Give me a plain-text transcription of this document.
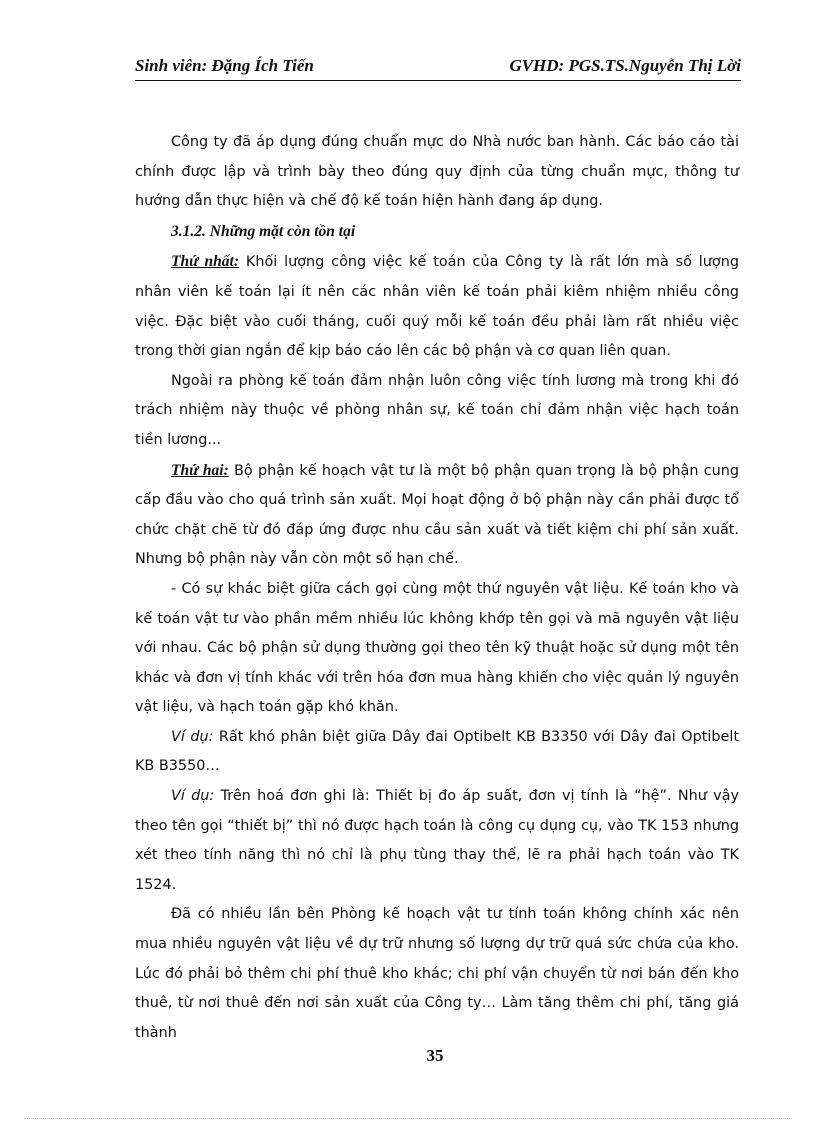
Sinh viên: Đặng Ích Tiến	GVHD: PGS.TS.Nguyễn Thị Lời

Công ty đã áp dụng đúng chuẩn mực do Nhà nước ban hành. Các báo cáo tài chính được lập và trình bày theo đúng quy định của từng chuẩn mực, thông tư hướng dẫn thực hiện và chế độ kế toán hiện hành đang áp dụng.

3.1.2. Những mặt còn tồn tại

Thứ nhất: Khối lượng công việc kế toán của Công ty là rất lớn mà số lượng nhân viên kế toán lại ít nên các nhân viên kế toán phải kiêm nhiệm nhiều công việc. Đặc biệt vào cuối tháng, cuối quý mỗi kế toán đều phải làm rất nhiều việc trong thời gian ngắn để kịp báo cáo lên các bộ phận và cơ quan liên quan.

Ngoài ra phòng kế toán đảm nhận luôn công việc tính lương mà trong khi đó trách nhiệm này thuộc về phòng nhân sự, kế toán chỉ đảm nhận việc hạch toán tiền lương...

Thứ hai: Bộ phận kế hoạch vật tư là một bộ phận quan trọng là bộ phận cung cấp đầu vào cho quá trình sản xuất. Mọi hoạt động ở bộ phận này cần phải được tổ chức chặt chẽ từ đó đáp ứng được nhu cầu sản xuất và tiết kiệm chi phí sản xuất. Nhưng bộ phận này vẫn còn một số hạn chế.

- Có sự khác biệt giữa cách gọi cùng một thứ nguyên vật liệu. Kế toán kho và kế toán vật tư vào phần mềm nhiều lúc không khớp tên gọi và mã nguyên vật liệu với nhau. Các bộ phận sử dụng thường gọi theo tên kỹ thuật hoặc sử dụng một tên khác và đơn vị tính khác với trên hóa đơn mua hàng khiến cho việc quản lý nguyên vật liệu, và hạch toán gặp khó khăn.

Ví dụ: Rất khó phân biệt giữa Dây đai Optibelt KB B3350 với Dây đai Optibelt KB B3550…

Ví dụ: Trên hoá đơn ghi là: Thiết bị đo áp suất, đơn vị tính là “hệ”. Như vậy theo tên gọi “thiết bị” thì nó được hạch toán là công cụ dụng cụ, vào TK 153 nhưng xét theo tính năng thì nó chỉ là phụ tùng thay thế, lẽ ra phải hạch toán vào TK 1524.

Đã có nhiều lần bên Phòng kế hoạch vật tư tính toán không chính xác nên mua nhiều nguyên vật liệu về dự trữ nhưng số lượng dự trữ quá sức chứa của kho. Lúc đó phải bỏ thêm chi phí thuê kho khác; chi phí vận chuyển từ nơi bán đến kho thuê, từ nơi thuê đến nơi sản xuất của Công ty… Làm tăng thêm chi phí, tăng giá thành

35
